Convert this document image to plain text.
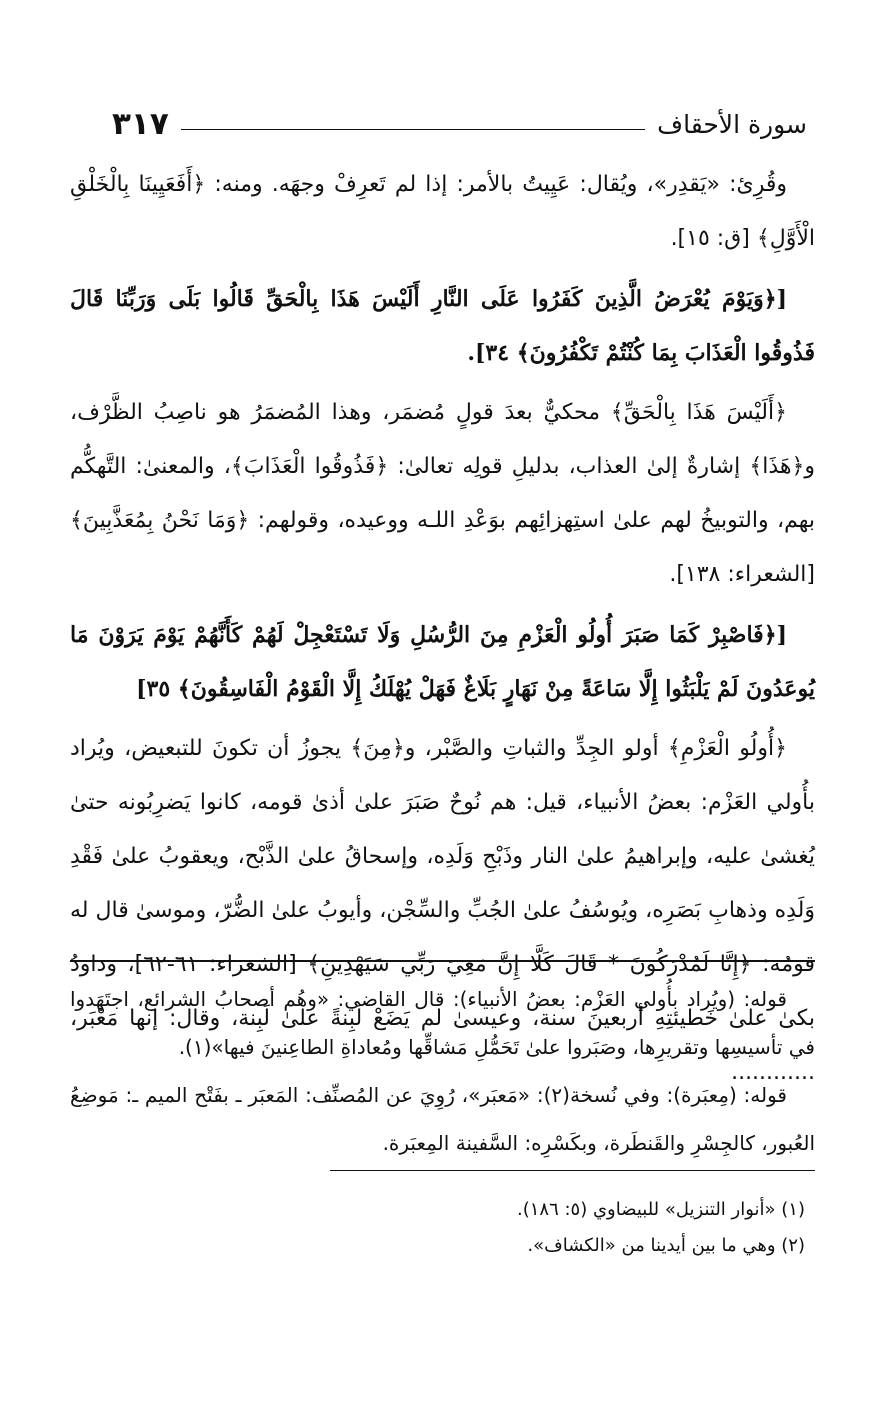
سورة الأحقاف
٣١٧

وقُرِئ: «يَقدِر»، ويُقال: عَيِيتُ بالأمر: إذا لم تَعرِفْ وجهَه. ومنه: ﴿أَفَعَيِينَا بِالْخَلْقِ الْأَوَّلِ﴾ [ق: ١٥].

[﴿وَيَوْمَ يُعْرَضُ الَّذِينَ كَفَرُوا عَلَى النَّارِ أَلَيْسَ هَذَا بِالْحَقِّ قَالُوا بَلَى وَرَبِّنَا قَالَ فَذُوقُوا الْعَذَابَ بِمَا كُنْتُمْ تَكْفُرُونَ﴾ ٣٤].

﴿أَلَيْسَ هَذَا بِالْحَقِّ﴾ محكيٌّ بعدَ قولٍ مُضمَر، وهذا المُضمَرُ هو ناصِبُ الظَّرْف، و﴿هَذَا﴾ إشارةٌ إلىٰ العذاب، بدليلِ قولِه تعالىٰ: ﴿فَذُوقُوا الْعَذَابَ﴾، والمعنىٰ: التَّهكُّم بهم، والتوبيخُ لهم علىٰ استِهزائِهم بوَعْدِ اللـه ووعيده، وقولهم: ﴿وَمَا نَحْنُ بِمُعَذَّبِينَ﴾ [الشعراء: ١٣٨].

[﴿فَاصْبِرْ كَمَا صَبَرَ أُولُو الْعَزْمِ مِنَ الرُّسُلِ وَلَا تَسْتَعْجِلْ لَهُمْ كَأَنَّهُمْ يَوْمَ يَرَوْنَ مَا يُوعَدُونَ لَمْ يَلْبَثُوا إِلَّا سَاعَةً مِنْ نَهَارٍ بَلَاغٌ فَهَلْ يُهْلَكُ إِلَّا الْقَوْمُ الْفَاسِقُونَ﴾ ٣٥]

﴿أُولُو الْعَزْمِ﴾ أولو الجِدِّ والثباتِ والصَّبْر، و﴿مِنَ﴾ يجوزُ أن تكونَ للتبعيض، ويُراد بأُولي العَزْم: بعضُ الأنبياء، قيل: هم نُوحٌ صَبَرَ علىٰ أذىٰ قومه، كانوا يَضرِبُونه حتىٰ يُغشىٰ عليه، وإبراهيمُ علىٰ النار وذَبْحِ وَلَدِه، وإسحاقُ علىٰ الذَّبْح، ويعقوبُ علىٰ فَقْدِ وَلَدِه وذهابِ بَصَرِه، ويُوسُفُ علىٰ الجُبِّ والسِّجْن، وأيوبُ علىٰ الضُّرّ، وموسىٰ قال له قومُه: ﴿إِنَّا لَمُدْرَكُونَ * قَالَ كَلَّا إِنَّ مَعِيَ رَبِّي سَيَهْدِينِ﴾ [الشعراء: ٦١-٦٢]، وداودُ بكىٰ علىٰ خَطيئتِهِ أربعينَ سنة، وعيسىٰ لم يَضَعْ لَبِنةً علىٰ لَبِنة، وقال: إنها مَعْبَر، ............

قوله: (ويُراد بأُولي العَزْم: بعضُ الأنبياء): قال القاضي: «وهُم أصحابُ الشرائع، اجتَهَدوا في تأسيسِها وتقريرِها، وصَبَروا علىٰ تَحَمُّلِ مَشاقِّها ومُعاداةِ الطاعِنينَ فيها»(١).

قوله: (مِعبَرة): وفي نُسخة(٢): «مَعبَر»، رُوِيَ عن المُصنِّف: المَعبَر ـ بفَتْح الميم ـ: مَوضِعُ العُبور، كالجِسْرِ والقَنطَرة، وبكَسْرِه: السَّفينة المِعبَرة.

(١) «أنوار التنزيل» للبيضاوي (٥: ١٨٦).

(٢) وهي ما بين أيدينا من «الكشاف».
